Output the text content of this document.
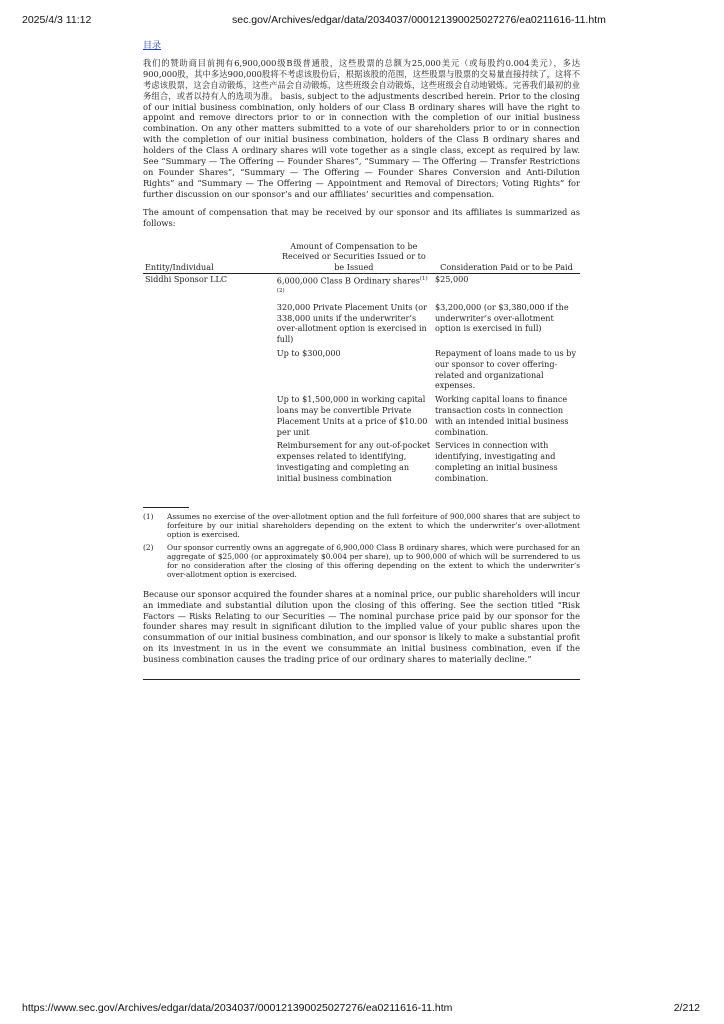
2025/4/3 11:12	sec.gov/Archives/edgar/data/2034037/000121390025027276/ea0211616-11.htm
目录

我们的赞助商目前拥有6,900,000级B级普通股，这些股票的总额为25,000美元（或每股约0.004美元），多达900,000股，其中多达900,000股将不考虑该股份后，根据该股的范围，这些股票与股票的交易量直接持续了，这将不考虑该股票，这会自动锻炼，这些产品会自动锻炼，这些班级会自动锻炼，这些班级会自动地锻炼。完善我们最初的业务组合，或者以持有人的选项为准。 basis, subject to the adjustments described herein. Prior to the closing of our initial business combination, only holders of our Class B ordinary shares will have the right to appoint and remove directors prior to or in connection with the completion of our initial business combination. On any other matters submitted to a vote of our shareholders prior to or in connection with the completion of our initial business combination, holders of the Class B ordinary shares and holders of the Class A ordinary shares will vote together as a single class, except as required by law. See “Summary — The Offering — Founder Shares”, “Summary — The Offering — Transfer Restrictions on Founder Shares”, “Summary — The Offering — Founder Shares Conversion and Anti-Dilution Rights” and “Summary — The Offering — Appointment and Removal of Directors; Voting Rights” for further discussion on our sponsor’s and our affiliates’ securities and compensation.

The amount of compensation that may be received by our sponsor and its affiliates is summarized as follows:

Entity/Individual	Amount of Compensation to be Received or Securities Issued or to be Issued	Consideration Paid or to be Paid
Siddhi Sponsor LLC	6,000,000 Class B Ordinary shares$^{(1)(2)}$	$25,000
	320,000 Private Placement Units (or 338,000 units if the underwriter’s over-allotment option is exercised in full)	$3,200,000 (or $3,380,000 if the underwriter’s over-allotment option is exercised in full)
	Up to $300,000	Repayment of loans made to us by our sponsor to cover offering-related and organizational expenses.
	Up to $1,500,000 in working capital loans may be convertible Private Placement Units at a price of $10.00 per unit	Working capital loans to finance transaction costs in connection with an intended initial business combination.
	Reimbursement for any out-of-pocket expenses related to identifying, investigating and completing an initial business combination	Services in connection with identifying, investigating and completing an initial business combination.
(1)	Assumes no exercise of the over-allotment option and the full forfeiture of 900,000 shares that are subject to forfeiture by our initial shareholders depending on the extent to which the underwriter’s over-allotment option is exercised.
(2)	Our sponsor currently owns an aggregate of 6,900,000 Class B ordinary shares, which were purchased for an aggregate of $25,000 (or approximately $0.004 per share), up to 900,000 of which will be surrendered to us for no consideration after the closing of this offering depending on the extent to which the underwriter’s over-allotment option is exercised.

Because our sponsor acquired the founder shares at a nominal price, our public shareholders will incur an immediate and substantial dilution upon the closing of this offering. See the section titled “Risk Factors — Risks Relating to our Securities — The nominal purchase price paid by our sponsor for the founder shares may result in significant dilution to the implied value of your public shares upon the consummation of our initial business combination, and our sponsor is likely to make a substantial profit on its investment in us in the event we consummate an initial business combination, even if the business combination causes the trading price of our ordinary shares to materially decline.”

https://www.sec.gov/Archives/edgar/data/2034037/000121390025027276/ea0211616-11.htm	2/212
